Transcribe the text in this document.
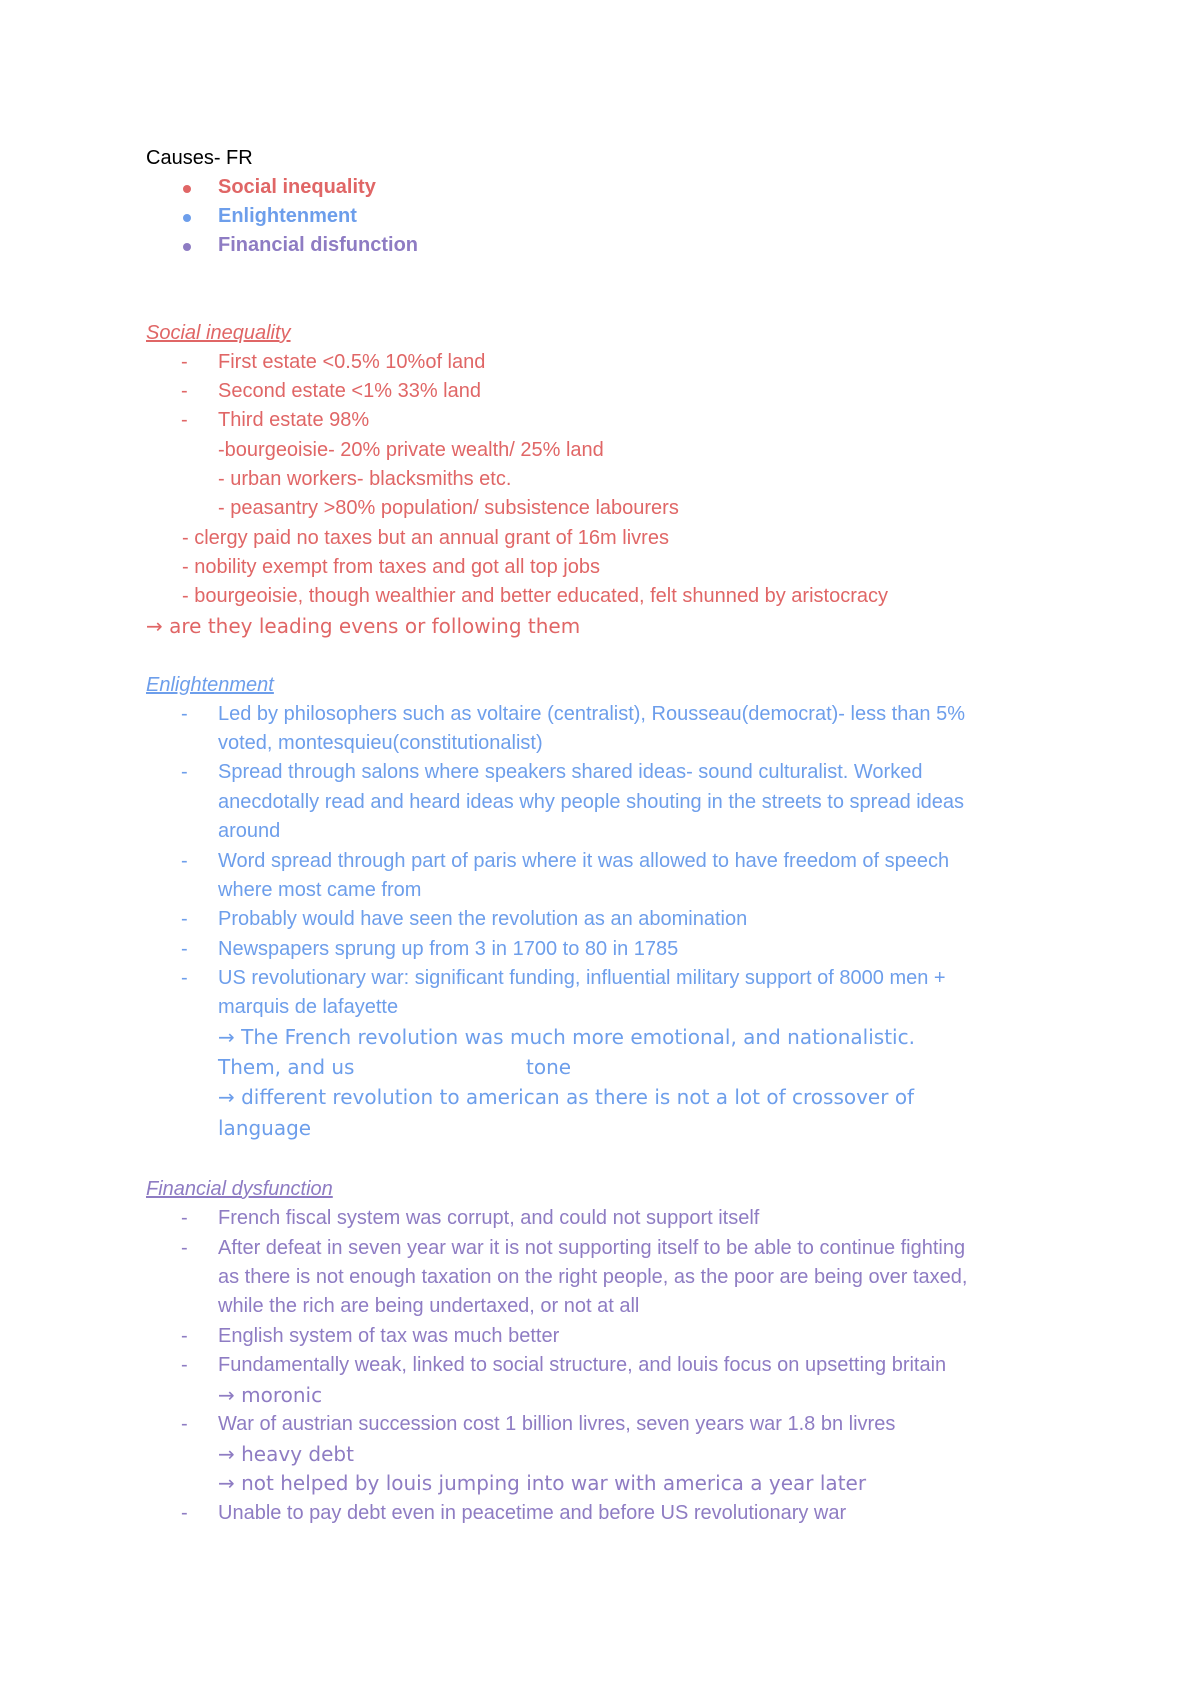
Causes- FR

Social inequality

Enlightenment

Financial disfunction

Social inequality

- First estate <0.5% 10%of land

- Second estate <1% 33% land

- Third estate 98%

-bourgeoisie- 20% private wealth/ 25% land

- urban workers- blacksmiths etc.

- peasantry >80% population/ subsistence labourers

- clergy paid no taxes but an annual grant of 16m livres

- nobility exempt from taxes and got all top jobs

- bourgeoisie, though wealthier and better educated, felt shunned by aristocracy

→ are they leading evens or following them

Enlightenment

- Led by philosophers such as voltaire (centralist), Rousseau(democrat)- less than 5%

voted, montesquieu(constitutionalist)

- Spread through salons where speakers shared ideas- sound culturalist. Worked

anecdotally read and heard ideas why people shouting in the streets to spread ideas

around

- Word spread through part of paris where it was allowed to have freedom of speech

where most came from

- Probably would have seen the revolution as an abomination

- Newspapers sprung up from 3 in 1700 to 80 in 1785

- US revolutionary war: significant funding, influential military support of 8000 men +

marquis de lafayette

→ The French revolution was much more emotional, and nationalistic.

Them, and us	tone

→ different revolution to american as there is not a lot of crossover of

language

Financial dysfunction

- French fiscal system was corrupt, and could not support itself

- After defeat in seven year war it is not supporting itself to be able to continue fighting

as there is not enough taxation on the right people, as the poor are being over taxed,

while the rich are being undertaxed, or not at all

- English system of tax was much better

- Fundamentally weak, linked to social structure, and louis focus on upsetting britain

→ moronic

- War of austrian succession cost 1 billion livres, seven years war 1.8 bn livres

→ heavy debt

→ not helped by louis jumping into war with america a year later

- Unable to pay debt even in peacetime and before US revolutionary war
